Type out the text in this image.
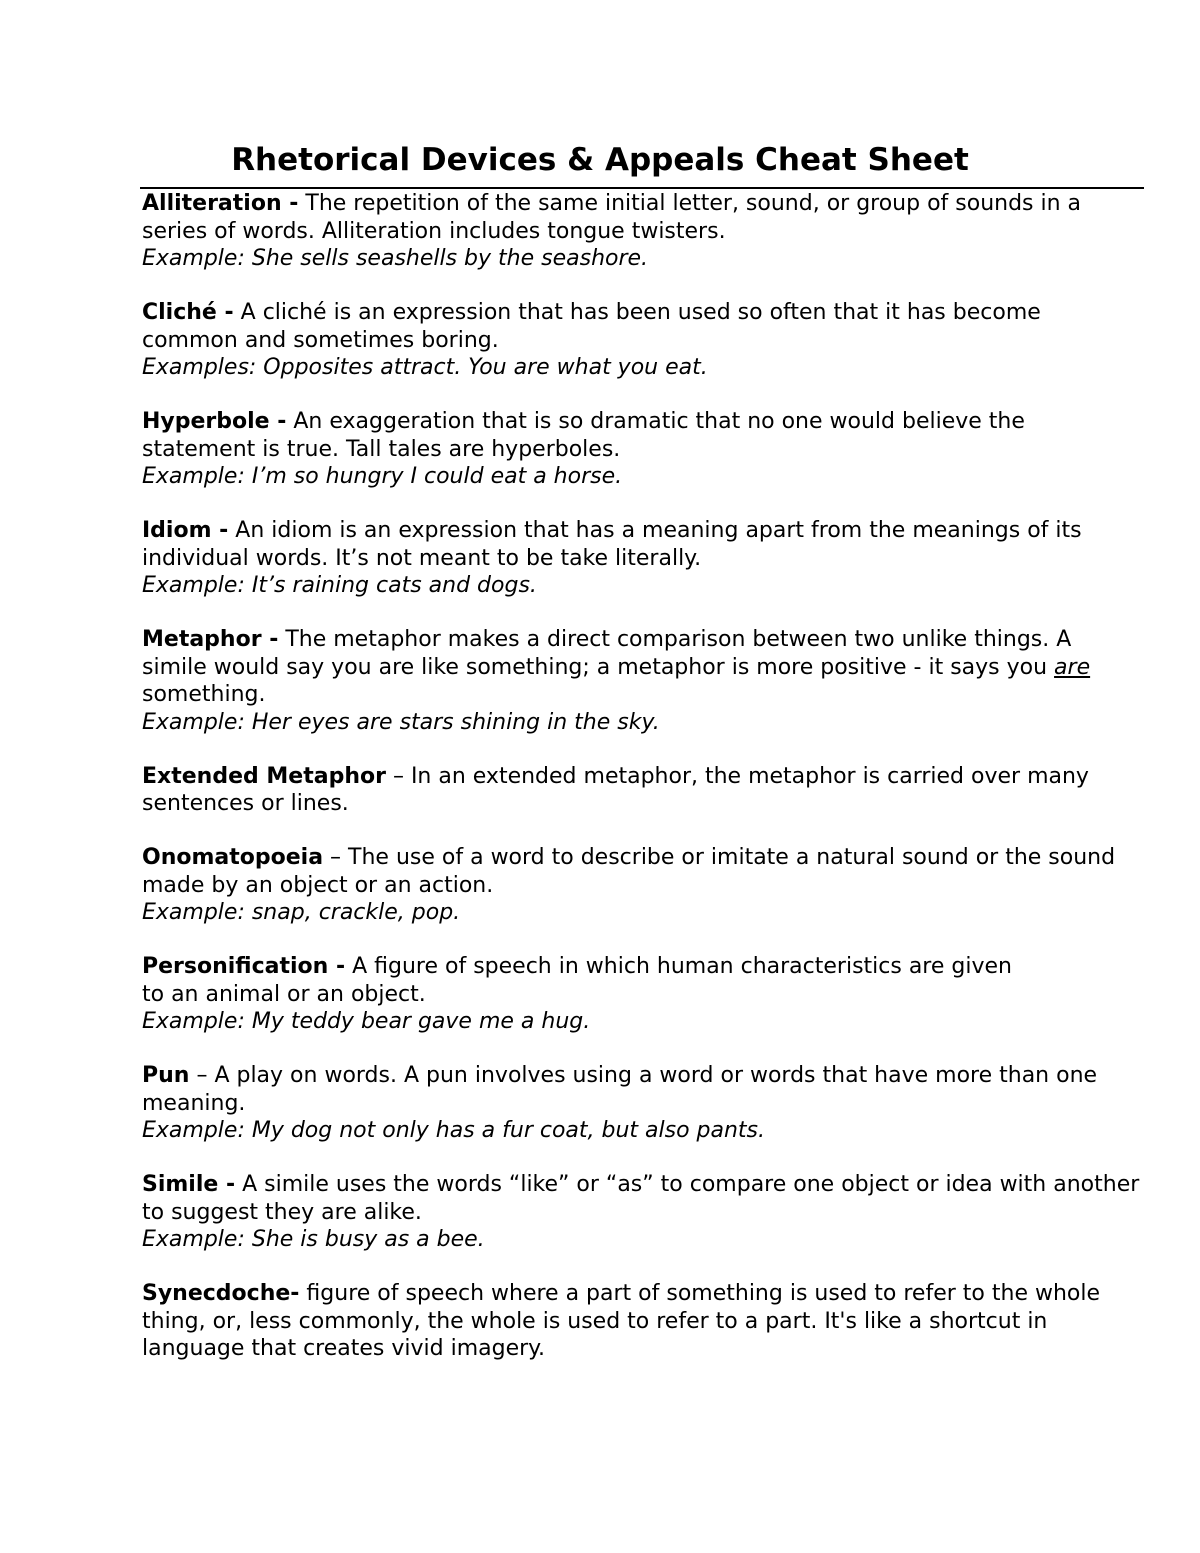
Rhetorical Devices & Appeals Cheat Sheet

Alliteration - The repetition of the same initial letter, sound, or group of sounds in a series of words. Alliteration includes tongue twisters.

Example: She sells seashells by the seashore.

Cliché - A cliché is an expression that has been used so often that it has become common and sometimes boring.

Examples: Opposites attract. You are what you eat.

Hyperbole - An exaggeration that is so dramatic that no one would believe the statement is true. Tall tales are hyperboles.

Example: I’m so hungry I could eat a horse.

Idiom - An idiom is an expression that has a meaning apart from the meanings of its individual words. It’s not meant to be take literally.

Example: It’s raining cats and dogs.

Metaphor - The metaphor makes a direct comparison between two unlike things. A simile would say you are like something; a metaphor is more positive - it says you are something.

Example: Her eyes are stars shining in the sky.

Extended Metaphor – In an extended metaphor, the metaphor is carried over many sentences or lines.

Onomatopoeia – The use of a word to describe or imitate a natural sound or the sound made by an object or an action.

Example: snap, crackle, pop.

Personification - A figure of speech in which human characteristics are given

to an animal or an object.

Example: My teddy bear gave me a hug.

Pun – A play on words. A pun involves using a word or words that have more than one meaning.

Example: My dog not only has a fur coat, but also pants.

Simile - A simile uses the words “like” or “as” to compare one object or idea with another to suggest they are alike.

Example: She is busy as a bee.

Synecdoche- figure of speech where a part of something is used to refer to the whole thing, or, less commonly, the whole is used to refer to a part. It's like a shortcut in language that creates vivid imagery.
